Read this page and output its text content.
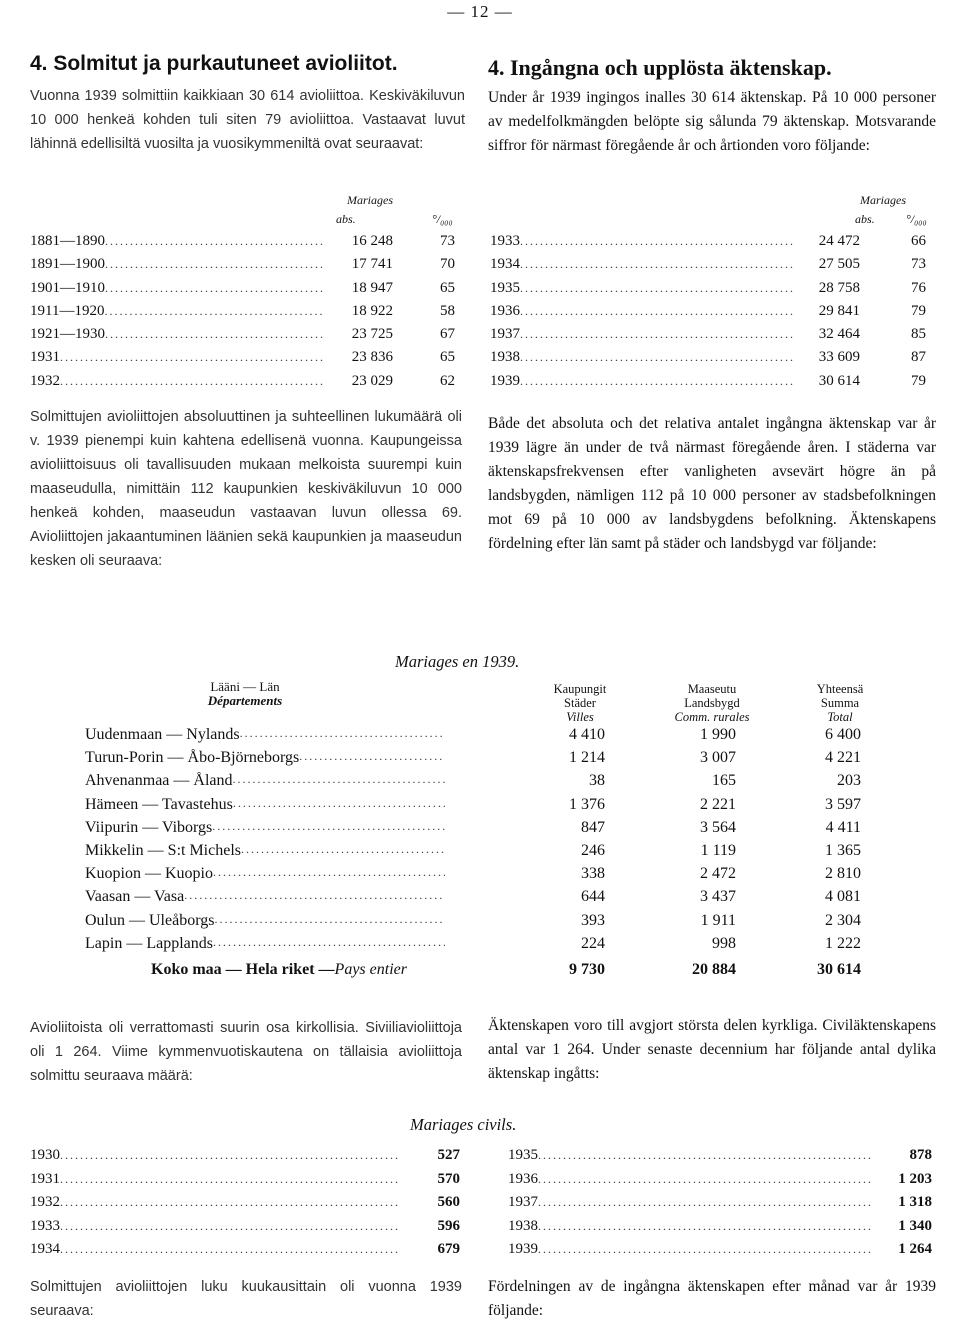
— 12 —
4. Solmitut ja purkautuneet avioliitot.

Vuonna 1939 solmittiin kaikkiaan 30 614 avioliittoa. Keskiväkiluvun 10 000 henkeä kohden tuli siten 79 avioliittoa. Vastaavat luvut lähinnä edellisiltä vuosilta ja vuosikymmeniltä ovat seuraavat:

Mariages
abs.	°/₀₀₀
1881—1890 .....	16 248	73
1891—1900 .....	17 741	70
1901—1910 .....	18 947	65
1911—1920 .....	18 922	58
1921—1930 .....	23 725	67
1931 .....	23 836	65
1932 .....	23 029	62

Solmittujen avioliittojen absoluuttinen ja suhteellinen lukumäärä oli v. 1939 pienempi kuin kahtena edellisenä vuonna. Kaupungeissa avioliittoisuus oli tavallisuuden mukaan melkoista suurempi kuin maaseudulla, nimittäin 112 kaupunkien keskiväkiluvun 10 000 henkeä kohden, maaseudun vastaavan luvun ollessa 69. Avioliittojen jakaantuminen läänien sekä kaupunkien ja maaseudun kesken oli seuraava:

4. Ingångna och upplösta äktenskap.

Under år 1939 ingingos inalles 30 614 äktenskap. På 10 000 personer av medelfolkmängden belöpte sig sålunda 79 äktenskap. Motsvarande siffror för närmast föregående år och årtionden voro följande:

Mariages
abs.	°/₀₀₀
1933 .....	24 472	66
1934 .....	27 505	73
1935 .....	28 758	76
1936 .....	29 841	79
1937 .....	32 464	85
1938 .....	33 609	87
1939 .....	30 614	79

Både det absoluta och det relativa antalet ingångna äktenskap var år 1939 lägre än under de två närmast föregående åren. I städerna var äktenskapsfrekvensen efter vanligheten avsevärt högre än på landsbygden, nämligen 112 på 10 000 personer av stadsbefolkningen mot 69 på 10 000 av landsbygdens befolkning. Äktenskapens fördelning efter län samt på städer och landsbygd var följande:

Mariages en 1939.
Lääni — Län
Départements
Kaupungit
Städer
Villes
Maaseutu
Landsbygd
Comm. rurales
Yhteensä
Summa
Total
Uudenmaan — Nylands .....	4 410	1 990	6 400
Turun-Porin — Åbo-Björneborgs .....	1 214	3 007	4 221
Ahvenanmaa — Åland .....	38	165	203
Hämeen — Tavastehus .....	1 376	2 221	3 597
Viipurin — Viborgs .....	847	3 564	4 411
Mikkelin — S:t Michels .....	246	1 119	1 365
Kuopion — Kuopio .....	338	2 472	2 810
Vaasan — Vasa .....	644	3 437	4 081
Oulun — Uleåborgs .....	393	1 911	2 304
Lapin — Lapplands .....	224	998	1 222
Koko maa — Hela riket — Pays entier	9 730	20 884	30 614

Avioliitoista oli verrattomasti suurin osa kirkollisia. Siviiliavioliittoja oli 1 264. Viime kymmenvuotiskautena on tällaisia avioliittoja solmittu seuraava määrä:

Äktenskapen voro till avgjort största delen kyrkliga. Civiläktenskapens antal var 1 264. Under senaste decennium har följande antal dylika äktenskap ingåtts:

Mariages civils.
1930 .....	527
1931 .....	570
1932 .....	560
1933 .....	596
1934 .....	679
1935 .....	878
1936 .....	1 203
1937 .....	1 318
1938 .....	1 340
1939 .....	1 264

Solmittujen avioliittojen luku kuukausittain oli vuonna 1939 seuraava:

Fördelningen av de ingångna äktenskapen efter månad var år 1939 följande:
